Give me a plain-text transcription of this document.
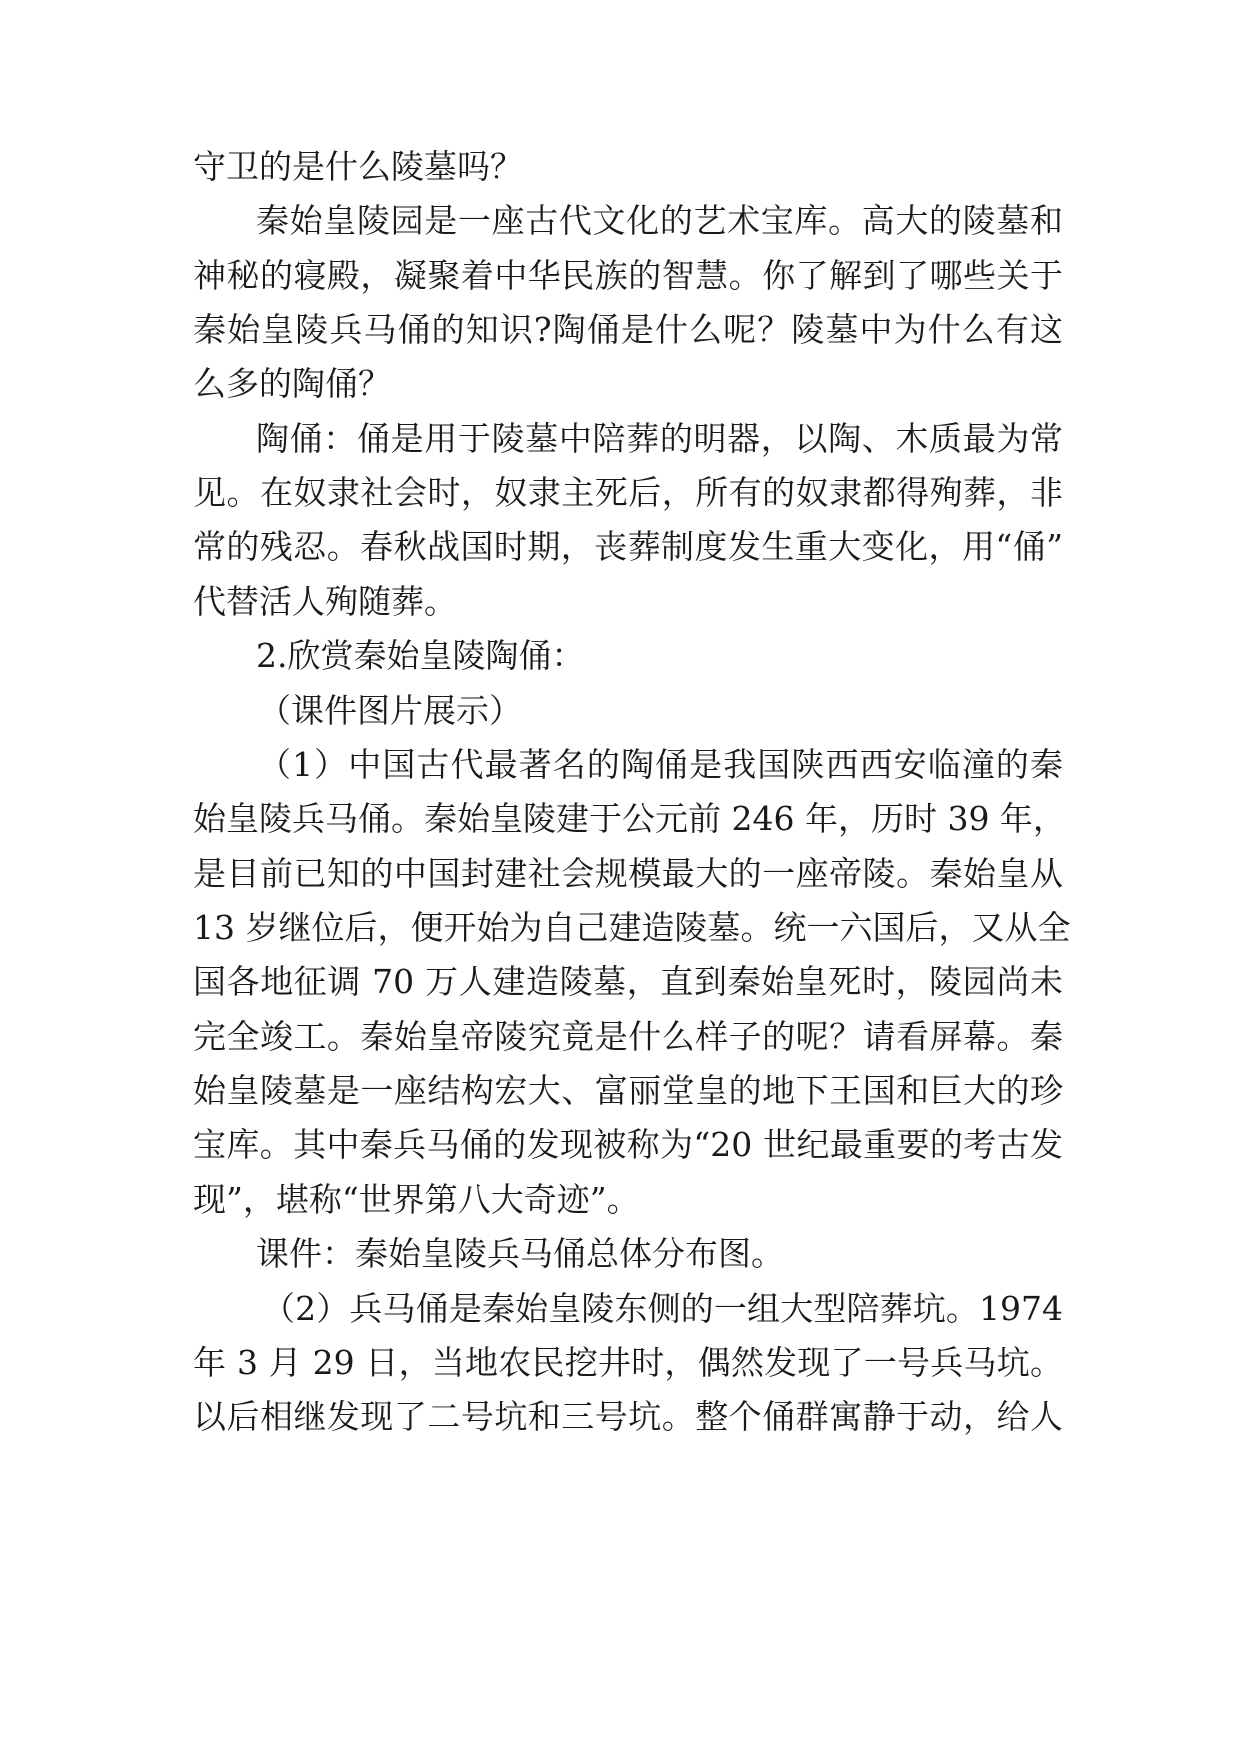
守卫的是什么陵墓吗？
秦始皇陵园是一座古代文化的艺术宝库。高大的陵墓和
神秘的寝殿，凝聚着中华民族的智慧。你了解到了哪些关于
秦始皇陵兵马俑的知识?陶俑是什么呢？陵墓中为什么有这
么多的陶俑？
陶俑：俑是用于陵墓中陪葬的明器，以陶、木质最为常
见。在奴隶社会时，奴隶主死后，所有的奴隶都得殉葬，非
常的残忍。春秋战国时期，丧葬制度发生重大变化，用“俑”
代替活人殉随葬。
2.欣赏秦始皇陵陶俑：
（课件图片展示）
（1）中国古代最著名的陶俑是我国陕西西安临潼的秦
始皇陵兵马俑。秦始皇陵建于公元前 246 年，历时 39 年，
是目前已知的中国封建社会规模最大的一座帝陵。秦始皇从
13 岁继位后，便开始为自己建造陵墓。统一六国后，又从全
国各地征调 70 万人建造陵墓，直到秦始皇死时，陵园尚未
完全竣工。秦始皇帝陵究竟是什么样子的呢？请看屏幕。秦
始皇陵墓是一座结构宏大、富丽堂皇的地下王国和巨大的珍
宝库。其中秦兵马俑的发现被称为“20 世纪最重要的考古发
现”，堪称“世界第八大奇迹”。
课件：秦始皇陵兵马俑总体分布图。
（2）兵马俑是秦始皇陵东侧的一组大型陪葬坑。1974
年 3 月 29 日，当地农民挖井时，偶然发现了一号兵马坑。
以后相继发现了二号坑和三号坑。整个俑群寓静于动，给人
